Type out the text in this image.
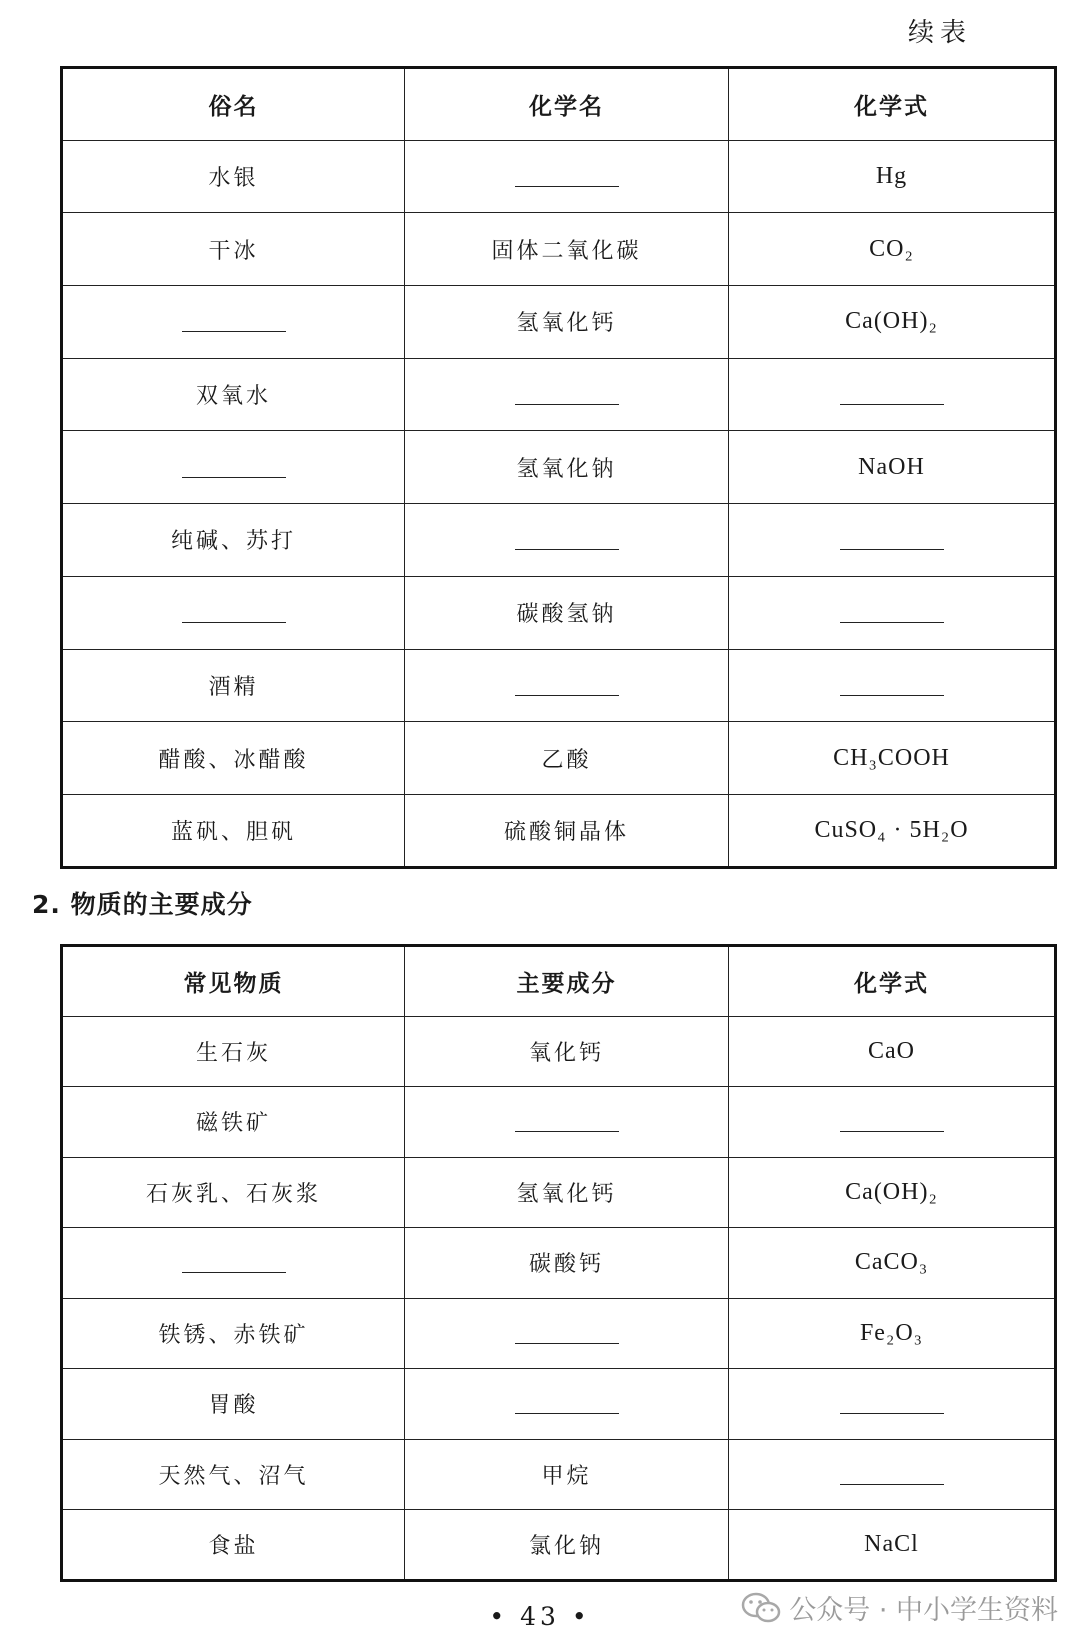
续表
俗名	化学名	化学式
水银		Hg
干冰	固体二氧化碳	CO₂
	氢氧化钙	Ca(OH)₂
双氧水		
	氢氧化钠	NaOH
纯碱、苏打		
	碳酸氢钠	
酒精		
醋酸、冰醋酸	乙酸	CH₃COOH
蓝矾、胆矾	硫酸铜晶体	CuSO₄ · 5H₂O
2. 物质的主要成分
常见物质	主要成分	化学式
生石灰	氧化钙	CaO
磁铁矿		
石灰乳、石灰浆	氢氧化钙	Ca(OH)₂
	碳酸钙	CaCO₃
铁锈、赤铁矿		Fe₂O₃
胃酸		
天然气、沼气	甲烷	
食盐	氯化钠	NaCl
• 43 •	公众号 · 中小学生资料
